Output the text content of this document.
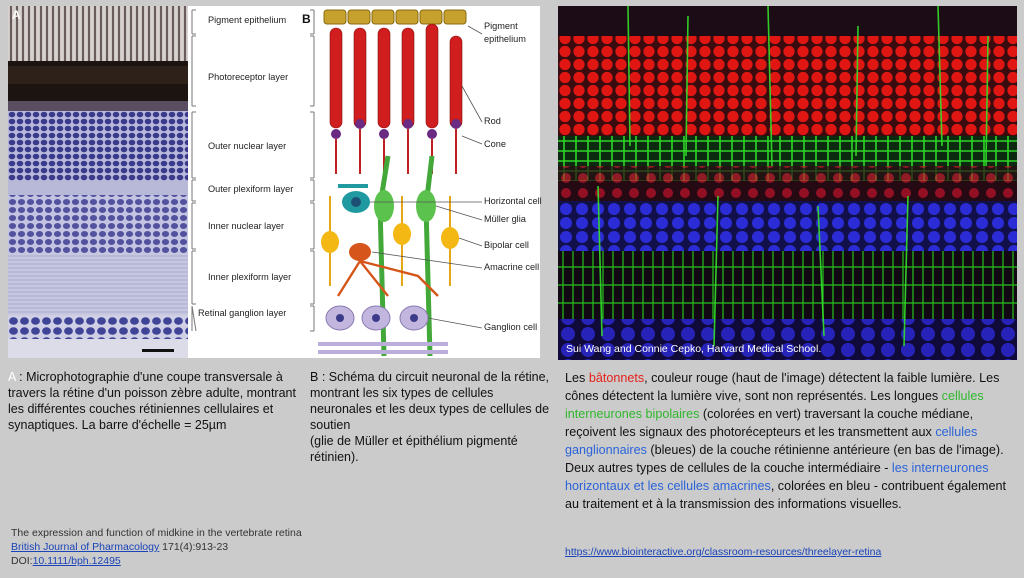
A	B
Pigment epithelium
Photoreceptor layer
Outer nuclear layer
Outer plexiform layer
Inner nuclear layer
Inner plexiform layer
Retinal ganglion layer
Pigment epithelium
Rod
Cone
Horizontal cell
Müller glia
Bipolar cell
Amacrine cell
Ganglion cell
Sui Wang and Connie Cepko, Harvard Medical School.
A : Microphotographie d'une coupe transversale à travers la rétine d'un poisson zèbre adulte, montrant les différentes couches rétiniennes cellulaires et synaptiques. La barre d'échelle = 25µm
B : Schéma du circuit neuronal de la rétine, montrant les six types de cellules neuronales et les deux types de cellules de soutien
(glie de Müller et épithélium pigmenté rétinien).
Les bâtonnets, couleur rouge (haut de l'image) détectent la faible lumière. Les cônes détectent la lumière vive, sont non représentés. Les longues cellules interneurones bipolaires (colorées en vert) traversant la couche médiane, reçoivent les signaux des photorécepteurs et les transmettent aux cellules ganglionnaires (bleues) de la couche rétinienne antérieure (en bas de l'image). Deux autres types de cellules de la couche intermédiaire - les interneurones horizontaux et les cellules amacrines, colorées en bleu - contribuent également au traitement et à la transmission des informations visuelles.
The expression and function of midkine in the vertebrate retina
British Journal of Pharmacology 171(4):913-23
DOI:10.1111/bph.12495
https://www.biointeractive.org/classroom-resources/threelayer-retina
